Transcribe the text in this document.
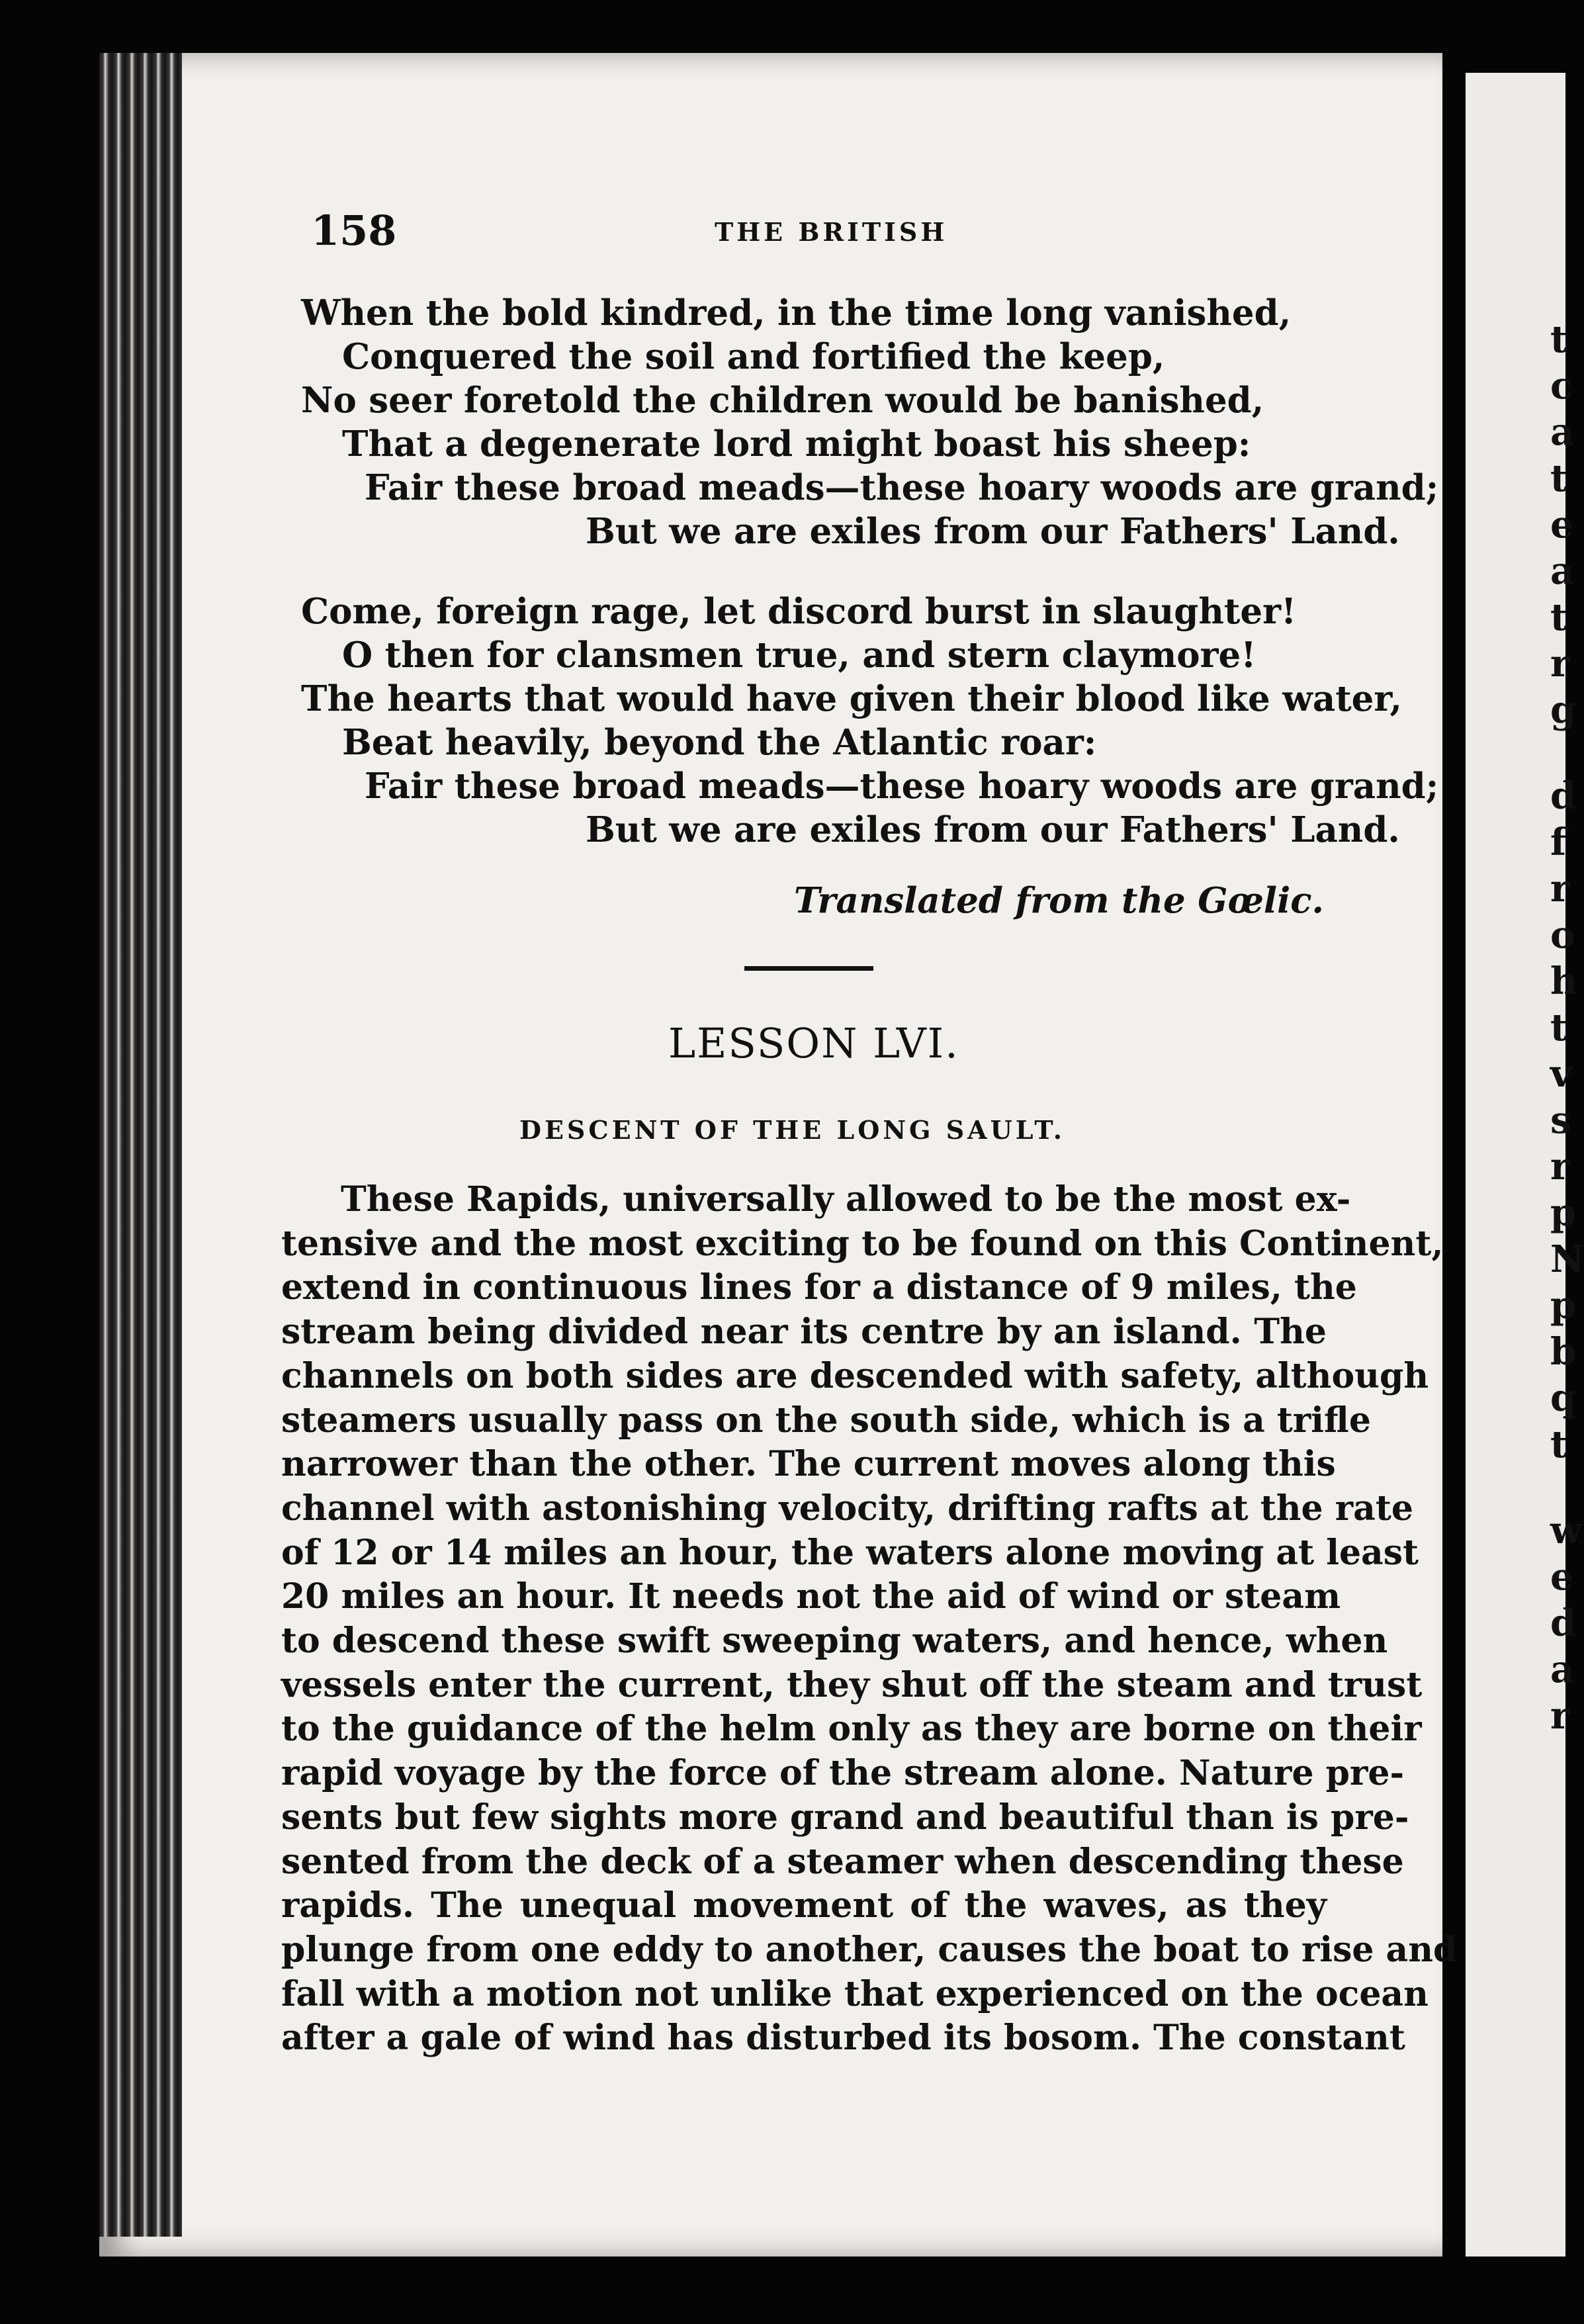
t
c
a
t
e
a
t
r
g
d
f
r
o
h
t
v
s
r
p
N
p
b
q
t
w
e
d
a
r
158	THE BRITISH
When the bold kindred, in the time long vanished,
Conquered the soil and fortified the keep,
No seer foretold the children would be banished,
That a degenerate lord might boast his sheep:
Fair these broad meads—these hoary woods are grand;
But we are exiles from our Fathers' Land.
Come, foreign rage, let discord burst in slaughter!
O then for clansmen true, and stern claymore!
The hearts that would have given their blood like water,
Beat heavily, beyond the Atlantic roar:
Fair these broad meads—these hoary woods are grand;
But we are exiles from our Fathers' Land.
Translated from the Gœlic.
LESSON LVI.
DESCENT OF THE LONG SAULT.
These Rapids, universally allowed to be the most ex-
tensive and the most exciting to be found on this Continent,
extend in continuous lines for a distance of 9 miles, the
stream being divided near its centre by an island. The
channels on both sides are descended with safety, although
steamers usually pass on the south side, which is a trifle
narrower than the other. The current moves along this
channel with astonishing velocity, drifting rafts at the rate
of 12 or 14 miles an hour, the waters alone moving at least
20 miles an hour. It needs not the aid of wind or steam
to descend these swift sweeping waters, and hence, when
vessels enter the current, they shut off the steam and trust
to the guidance of the helm only as they are borne on their
rapid voyage by the force of the stream alone. Nature pre-
sents but few sights more grand and beautiful than is pre-
sented from the deck of a steamer when descending these
rapids. The unequal movement of the waves, as they
plunge from one eddy to another, causes the boat to rise and
fall with a motion not unlike that experienced on the ocean
after a gale of wind has disturbed its bosom. The constant
